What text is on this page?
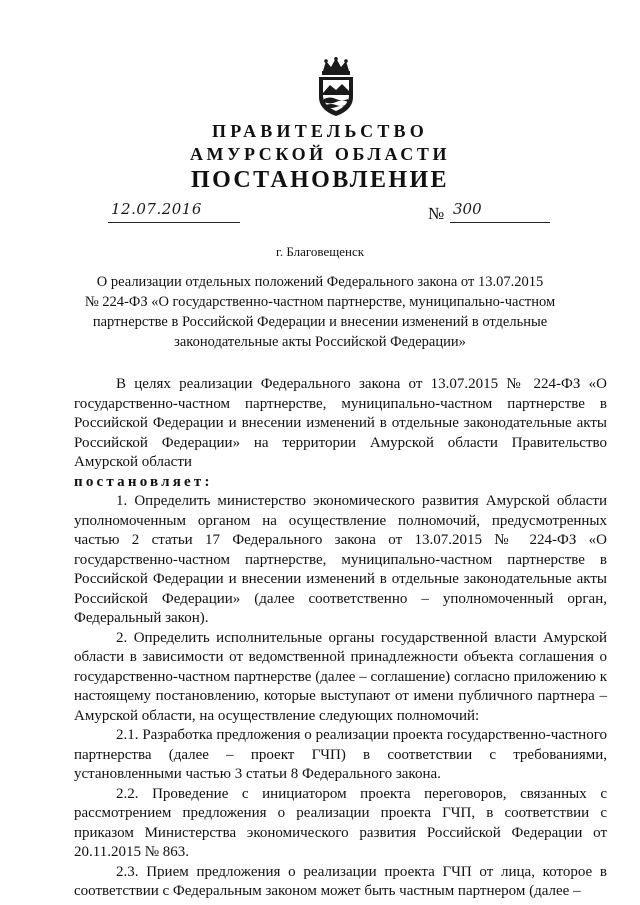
ПРАВИТЕЛЬСТВО
АМУРСКОЙ ОБЛАСТИ
ПОСТАНОВЛЕНИЕ
12.07.2016	№ 300
г. Благовещенск
О реализации отдельных положений Федерального закона от 13.07.2015
№ 224-ФЗ «О государственно-частном партнерстве, муниципально-частном
партнерстве в Российской Федерации и внесении изменений в отдельные
законодательные акты Российской Федерации»

В целях реализации Федерального закона от 13.07.2015 № 224-ФЗ «О государственно-частном партнерстве, муниципально-частном партнерстве в Российской Федерации и внесении изменений в отдельные законодательные акты Российской Федерации» на территории Амурской области Правительство Амурской области

постановляет:

1. Определить министерство экономического развития Амурской области уполномоченным органом на осуществление полномочий, предусмотренных частью 2 статьи 17 Федерального закона от 13.07.2015 № 224-ФЗ «О государственно-частном партнерстве, муниципально-частном партнерстве в Российской Федерации и внесении изменений в отдельные законодательные акты Российской Федерации» (далее соответственно – уполномоченный орган, Федеральный закон).

2. Определить исполнительные органы государственной власти Амурской области в зависимости от ведомственной принадлежности объекта соглашения о государственно-частном партнерстве (далее – соглашение) согласно приложению к настоящему постановлению, которые выступают от имени публичного партнера – Амурской области, на осуществление следующих полномочий:

2.1. Разработка предложения о реализации проекта государственно-частного партнерства (далее – проект ГЧП) в соответствии с требованиями, установленными частью 3 статьи 8 Федерального закона.

2.2. Проведение с инициатором проекта переговоров, связанных с рассмотрением предложения о реализации проекта ГЧП, в соответствии с приказом Министерства экономического развития Российской Федерации от 20.11.2015 № 863.

2.3. Прием предложения о реализации проекта ГЧП от лица, которое в соответствии с Федеральным законом может быть частным партнером (далее –
